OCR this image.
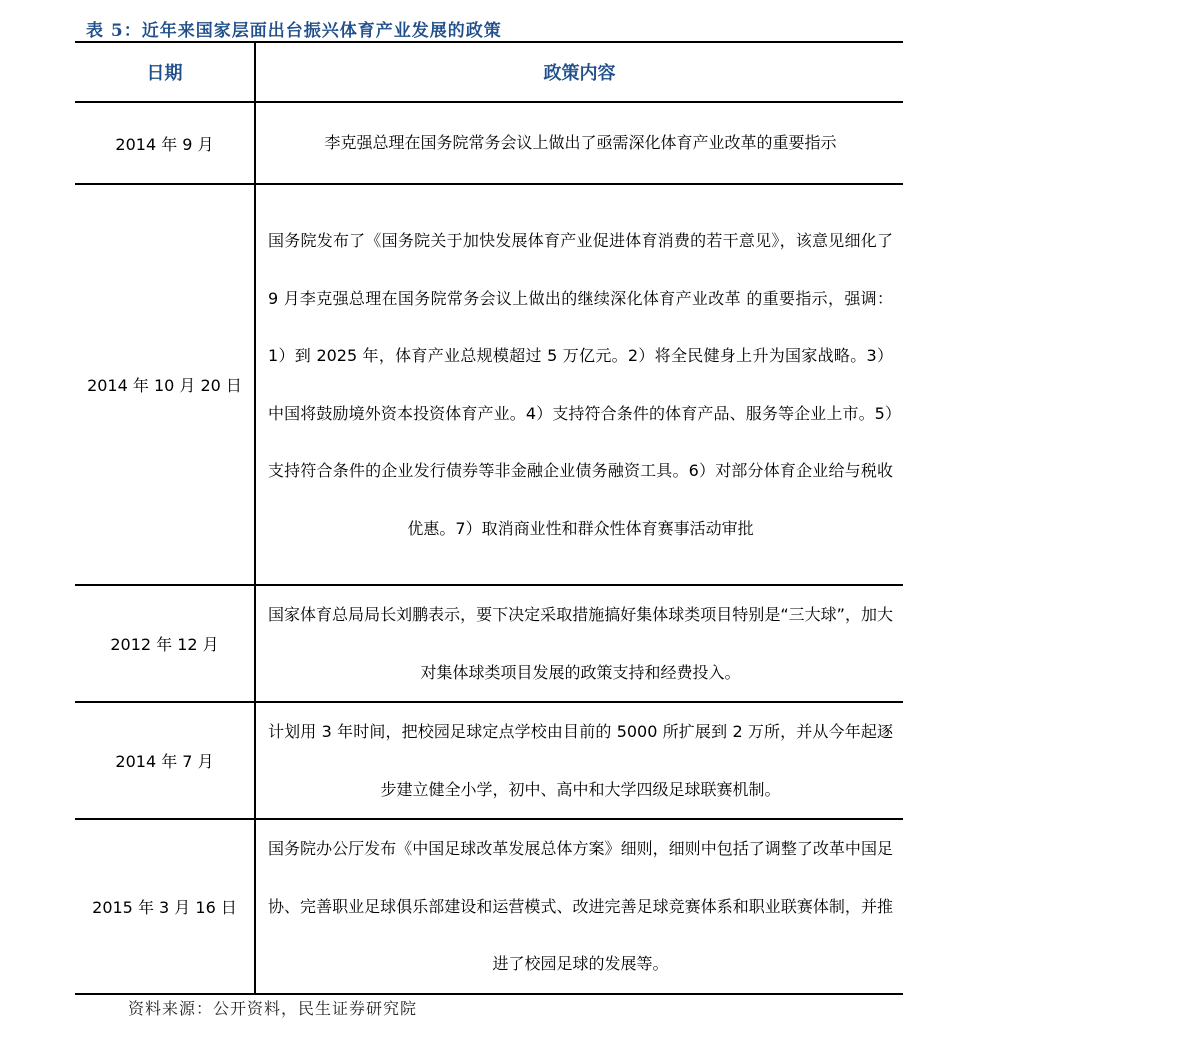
表 5：近年来国家层面出台振兴体育产业发展的政策
日期	政策内容
2014 年 9 月	李克强总理在国务院常务会议上做出了亟需深化体育产业改革的重要指示
2014 年 10 月 20 日	国务院发布了《国务院关于加快发展体育产业促进体育消费的若干意见》，该意见细化了 9 月李克强总理在国务院常务会议上做出的继续深化体育产业改革 的重要指示，强调：1）到 2025 年，体育产业总规模超过 5 万亿元。2）将全民健身上升为国家战略。3）中国将鼓励境外资本投资体育产业。4）支持符合条件的体育产品、服务等企业上市。5）支持符合条件的企业发行债券等非金融企业债务融资工具。6）对部分体育企业给与税收优惠。7）取消商业性和群众性体育赛事活动审批
2012 年 12 月	国家体育总局局长刘鹏表示，要下决定采取措施搞好集体球类项目特别是“三大球”，加大对集体球类项目发展的政策支持和经费投入。
2014 年 7 月	计划用 3 年时间，把校园足球定点学校由目前的 5000 所扩展到 2 万所，并从今年起逐步建立健全小学，初中、高中和大学四级足球联赛机制。
2015 年 3 月 16 日	国务院办公厅发布《中国足球改革发展总体方案》细则，细则中包括了调整了改革中国足协、完善职业足球俱乐部建设和运营模式、改进完善足球竞赛体系和职业联赛体制，并推进了校园足球的发展等。
资料来源：公开资料，民生证券研究院
